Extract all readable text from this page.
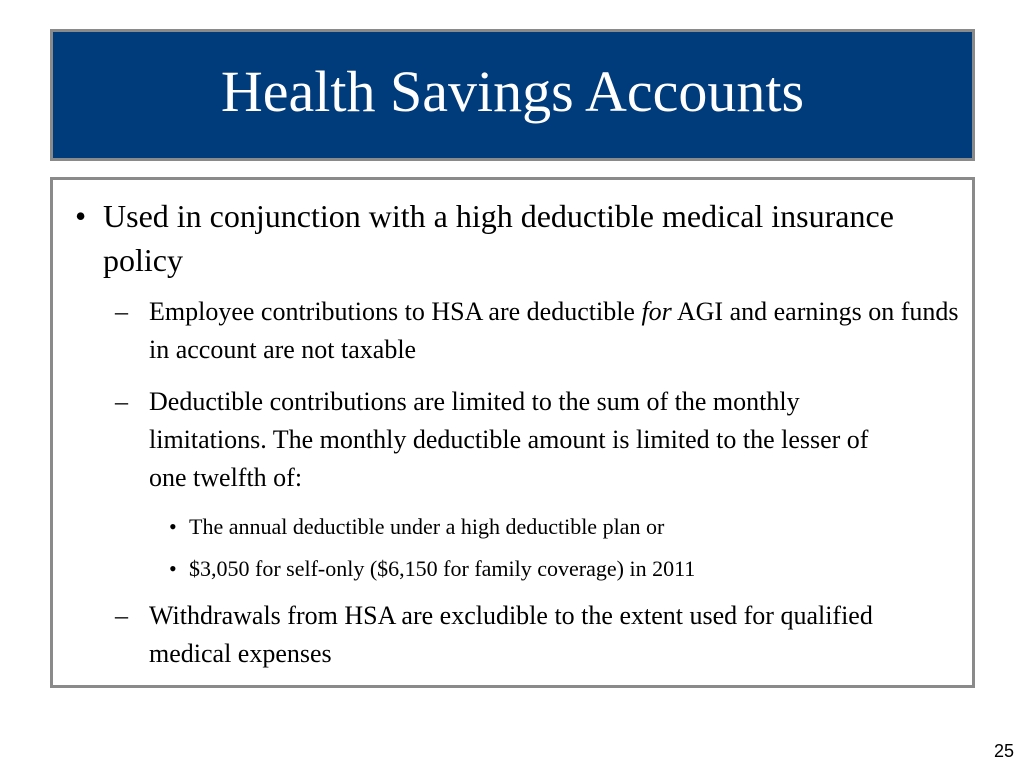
Health Savings Accounts
• Used in conjunction with a high deductible medical insurance policy
– Employee contributions to HSA are deductible for AGI and earnings on funds in account are not taxable
– Deductible contributions are limited to the sum of the monthly limitations. The monthly deductible amount is limited to the lesser of one twelfth of:
• The annual deductible under a high deductible plan or
• $3,050 for self-only ($6,150 for family coverage) in 2011
– Withdrawals from HSA are excludible to the extent used for qualified medical expenses
25
